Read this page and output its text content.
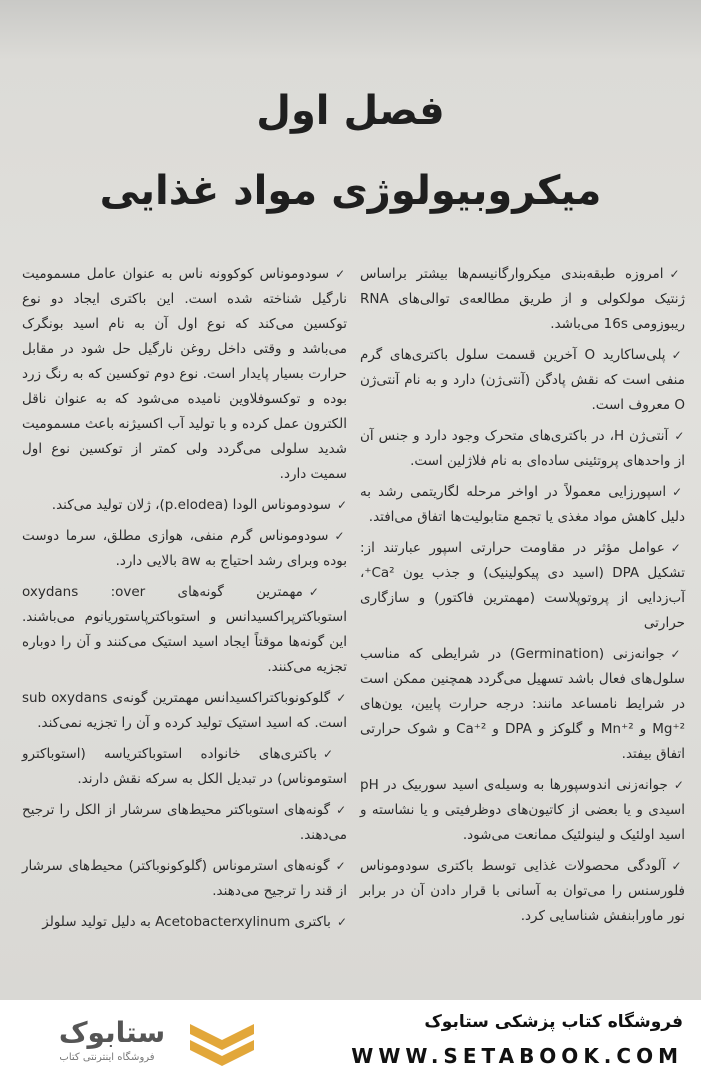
فصل اول
میکروبیولوژی مواد غذایی
✓امروزه طبقه‌بندی میکروارگانیسم‌ها بیشتر براساس ژنتیک مولکولی و از طریق مطالعه‌ی توالی‌های RNA ریبوزومی 16s می‌باشد.
✓پلی‌ساکارید O آخرین قسمت سلول باکتری‌های گرم منفی است که نقش پادگن (آنتی‌ژن) دارد و به نام آنتی‌ژن O معروف است.
✓آنتی‌ژن H، در باکتری‌های متحرک وجود دارد و جنس آن از واحدهای پروتئینی ساده‌ای به نام فلاژلین است.
✓اسپورزایی معمولاً در اواخر مرحله لگاریتمی رشد به دلیل کاهش مواد مغذی یا تجمع متابولیت‌ها اتفاق می‌افتد.
✓عوامل مؤثر در مقاومت حرارتی اسپور عبارتند از: تشکیل DPA (اسید دی پیکولینیک) و جذب یون Ca²⁺، آب‌زدایی از پروتوپلاست (مهمترین فاکتور) و سازگاری حرارتی
✓جوانه‌زنی (Germination) در شرایطی که مناسب سلول‌های فعال باشد تسهیل می‌گردد همچنین ممکن است در شرایط نامساعد مانند: درجه حرارت پایین، یون‌های Mg⁺² و Mn⁺² و گلوکز و DPA و Ca⁺² و شوک حرارتی اتفاق بیفتد.
✓جوانه‌زنی اندوسپورها به وسیله‌ی اسید سوربیک در pH اسیدی و یا بعضی از کاتیون‌های دوظرفیتی و یا نشاسته و اسید اولئیک و لینولئیک ممانعت می‌شود.
✓آلودگی محصولات غذایی توسط باکتری سودوموناس فلورسنس را می‌توان به آسانی با قرار دادن آن در برابر نور ماورابنفش شناسایی کرد.
✓سودوموناس کوکوونه ناس به عنوان عامل مسمومیت نارگیل شناخته شده است. این باکتری ایجاد دو نوع توکسین می‌کند که نوع اول آن به نام اسید بونگرک می‌باشد و وقتی داخل روغن نارگیل حل شود در مقابل حرارت بسیار پایدار است. نوع دوم توکسین که به رنگ زرد بوده و توکسوفلاوین نامیده می‌شود که به عنوان ناقل الکترون عمل کرده و با تولید آب اکسیژنه باعث مسمومیت شدید سلولی می‌گردد ولی کمتر از توکسین نوع اول سمیت دارد.
✓سودوموناس الودا (p.elodea)، ژلان تولید می‌کند.
✓سودوموناس گرم منفی، هوازی مطلق، سرما دوست بوده وبرای رشد احتیاج به aw بالایی دارد.
✓مهمترین گونه‌های oxydans :over استوباکترپراکسیدانس و استوباکترپاستوریانوم می‌باشند. این گونه‌ها موقتاً ایجاد اسید استیک می‌کنند و آن را دوباره تجزیه می‌کنند.
✓گلوکونوباکتراکسیدانس مهمترین گونه‌ی sub oxydans است. که اسید استیک تولید کرده و آن را تجزیه نمی‌کند.
✓باکتری‌های خانواده استوباکتریاسه (استوباکترو استوموناس) در تبدیل الکل به سرکه نقش دارند.
✓گونه‌های استوباکتر محیط‌های سرشار از الکل را ترجیح می‌دهند.
✓گونه‌های استرموناس (گلوکونوباکتر) محیط‌های سرشار از قند را ترجیح می‌دهند.
✓باکتری Acetobacterxylinum به دلیل تولید سلولز
ستابوک
فروشگاه اینترنتی کتاب
فروشگاه کتاب پزشکی ستابوک
WWW.SETABOOK.COM
